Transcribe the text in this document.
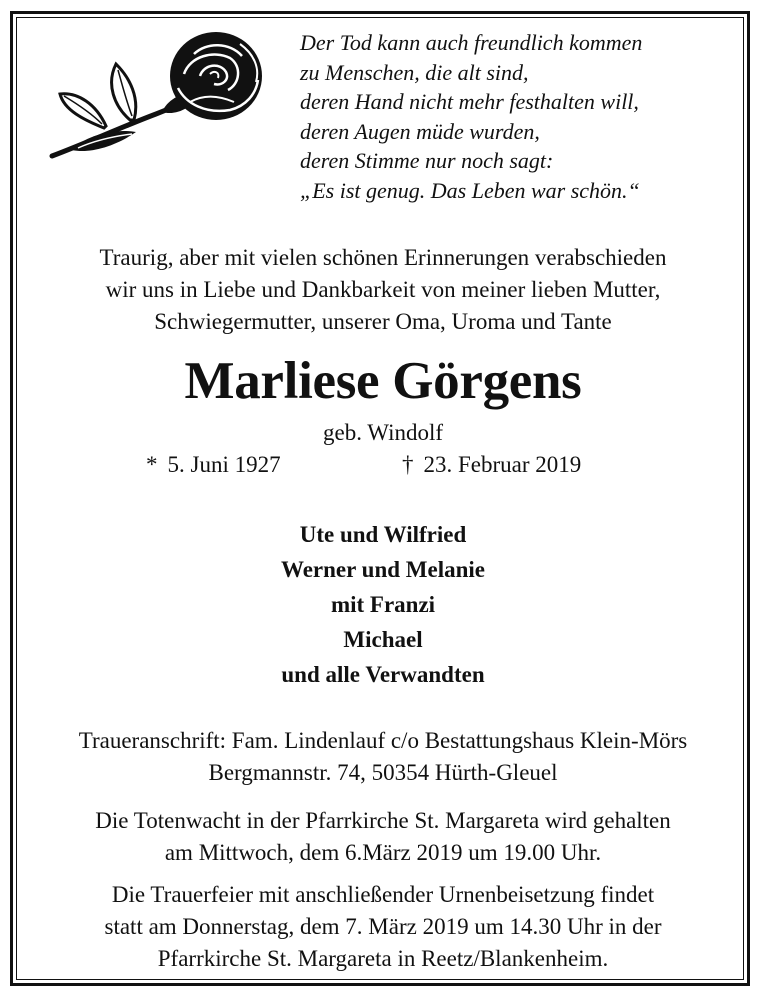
Der Tod kann auch freundlich kommen
zu Menschen, die alt sind,
deren Hand nicht mehr festhalten will,
deren Augen müde wurden,
deren Stimme nur noch sagt:
„Es ist genug. Das Leben war schön.“
Traurig, aber mit vielen schönen Erinnerungen verabschieden
wir uns in Liebe und Dankbarkeit von meiner lieben Mutter,
Schwiegermutter, unserer Oma, Uroma und Tante
Marliese Görgens
geb. Windolf
* 5. Juni 1927	† 23. Februar 2019
Ute und Wilfried
Werner und Melanie
mit Franzi
Michael
und alle Verwandten
Traueranschrift: Fam. Lindenlauf c/o Bestattungshaus Klein-Mörs
Bergmannstr. 74, 50354 Hürth-Gleuel
Die Totenwacht in der Pfarrkirche St. Margareta wird gehalten
am Mittwoch, dem 6.März 2019 um 19.00 Uhr.
Die Trauerfeier mit anschließender Urnenbeisetzung findet
statt am Donnerstag, dem 7. März 2019 um 14.30 Uhr in der
Pfarrkirche St. Margareta in Reetz/Blankenheim.
